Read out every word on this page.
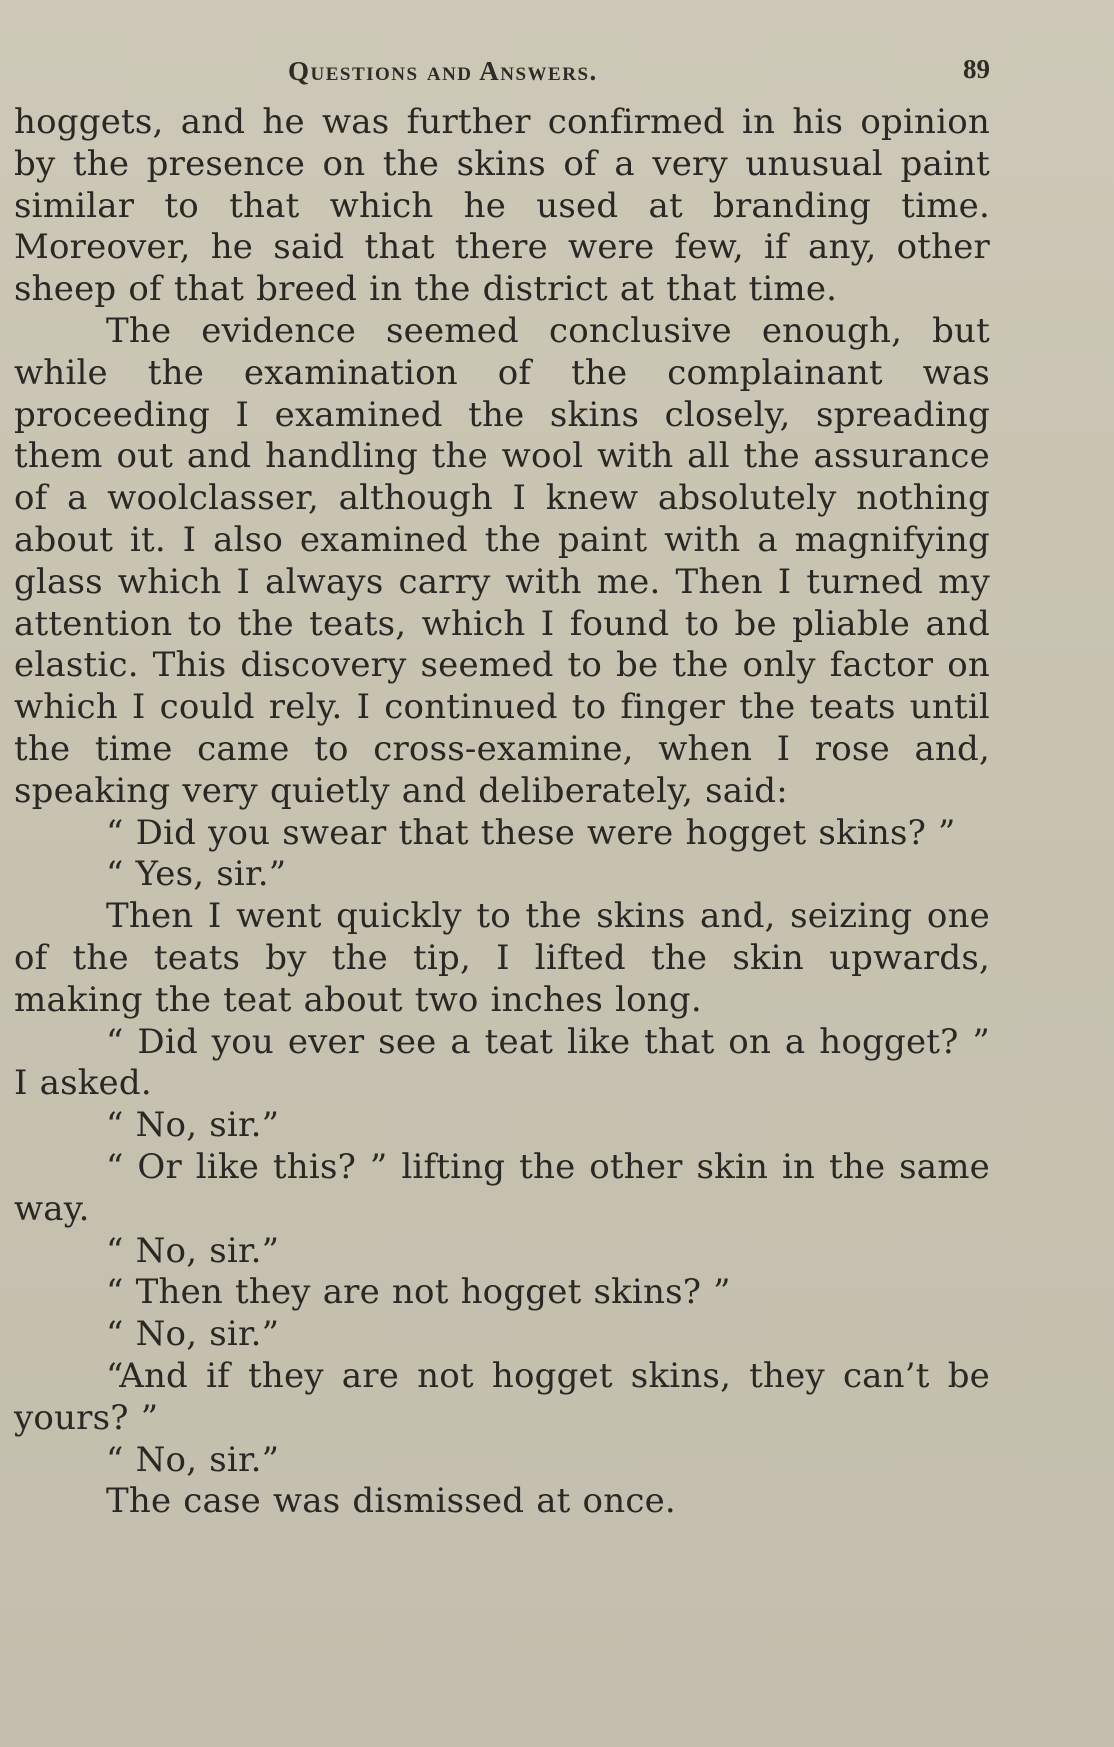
Questions and Answers.	89

hoggets, and he was further confirmed in his opinion by the presence on the skins of a very unusual paint similar to that which he used at branding time. Moreover, he said that there were few, if any, other sheep of that breed in the district at that time.

The evidence seemed conclusive enough, but while the examination of the complainant was proceeding I examined the skins closely, spreading them out and handling the wool with all the assurance of a woolclasser, although I knew absolutely nothing about it. I also examined the paint with a magnifying glass which I always carry with me. Then I turned my attention to the teats, which I found to be pliable and elastic. This discovery seemed to be the only factor on which I could rely. I continued to finger the teats until the time came to cross-examine, when I rose and, speaking very quietly and deliberately, said:

“ Did you swear that these were hogget skins? ”

“ Yes, sir.”

Then I went quickly to the skins and, seizing one of the teats by the tip, I lifted the skin upwards, making the teat about two inches long.

“ Did you ever see a teat like that on a hogget? ” I asked.

“ No, sir.”

“ Or like this? ” lifting the other skin in the same way.

“ No, sir.”

“ Then they are not hogget skins? ”

“ No, sir.”

“And if they are not hogget skins, they can’t be yours? ”

“ No, sir.”

The case was dismissed at once.
